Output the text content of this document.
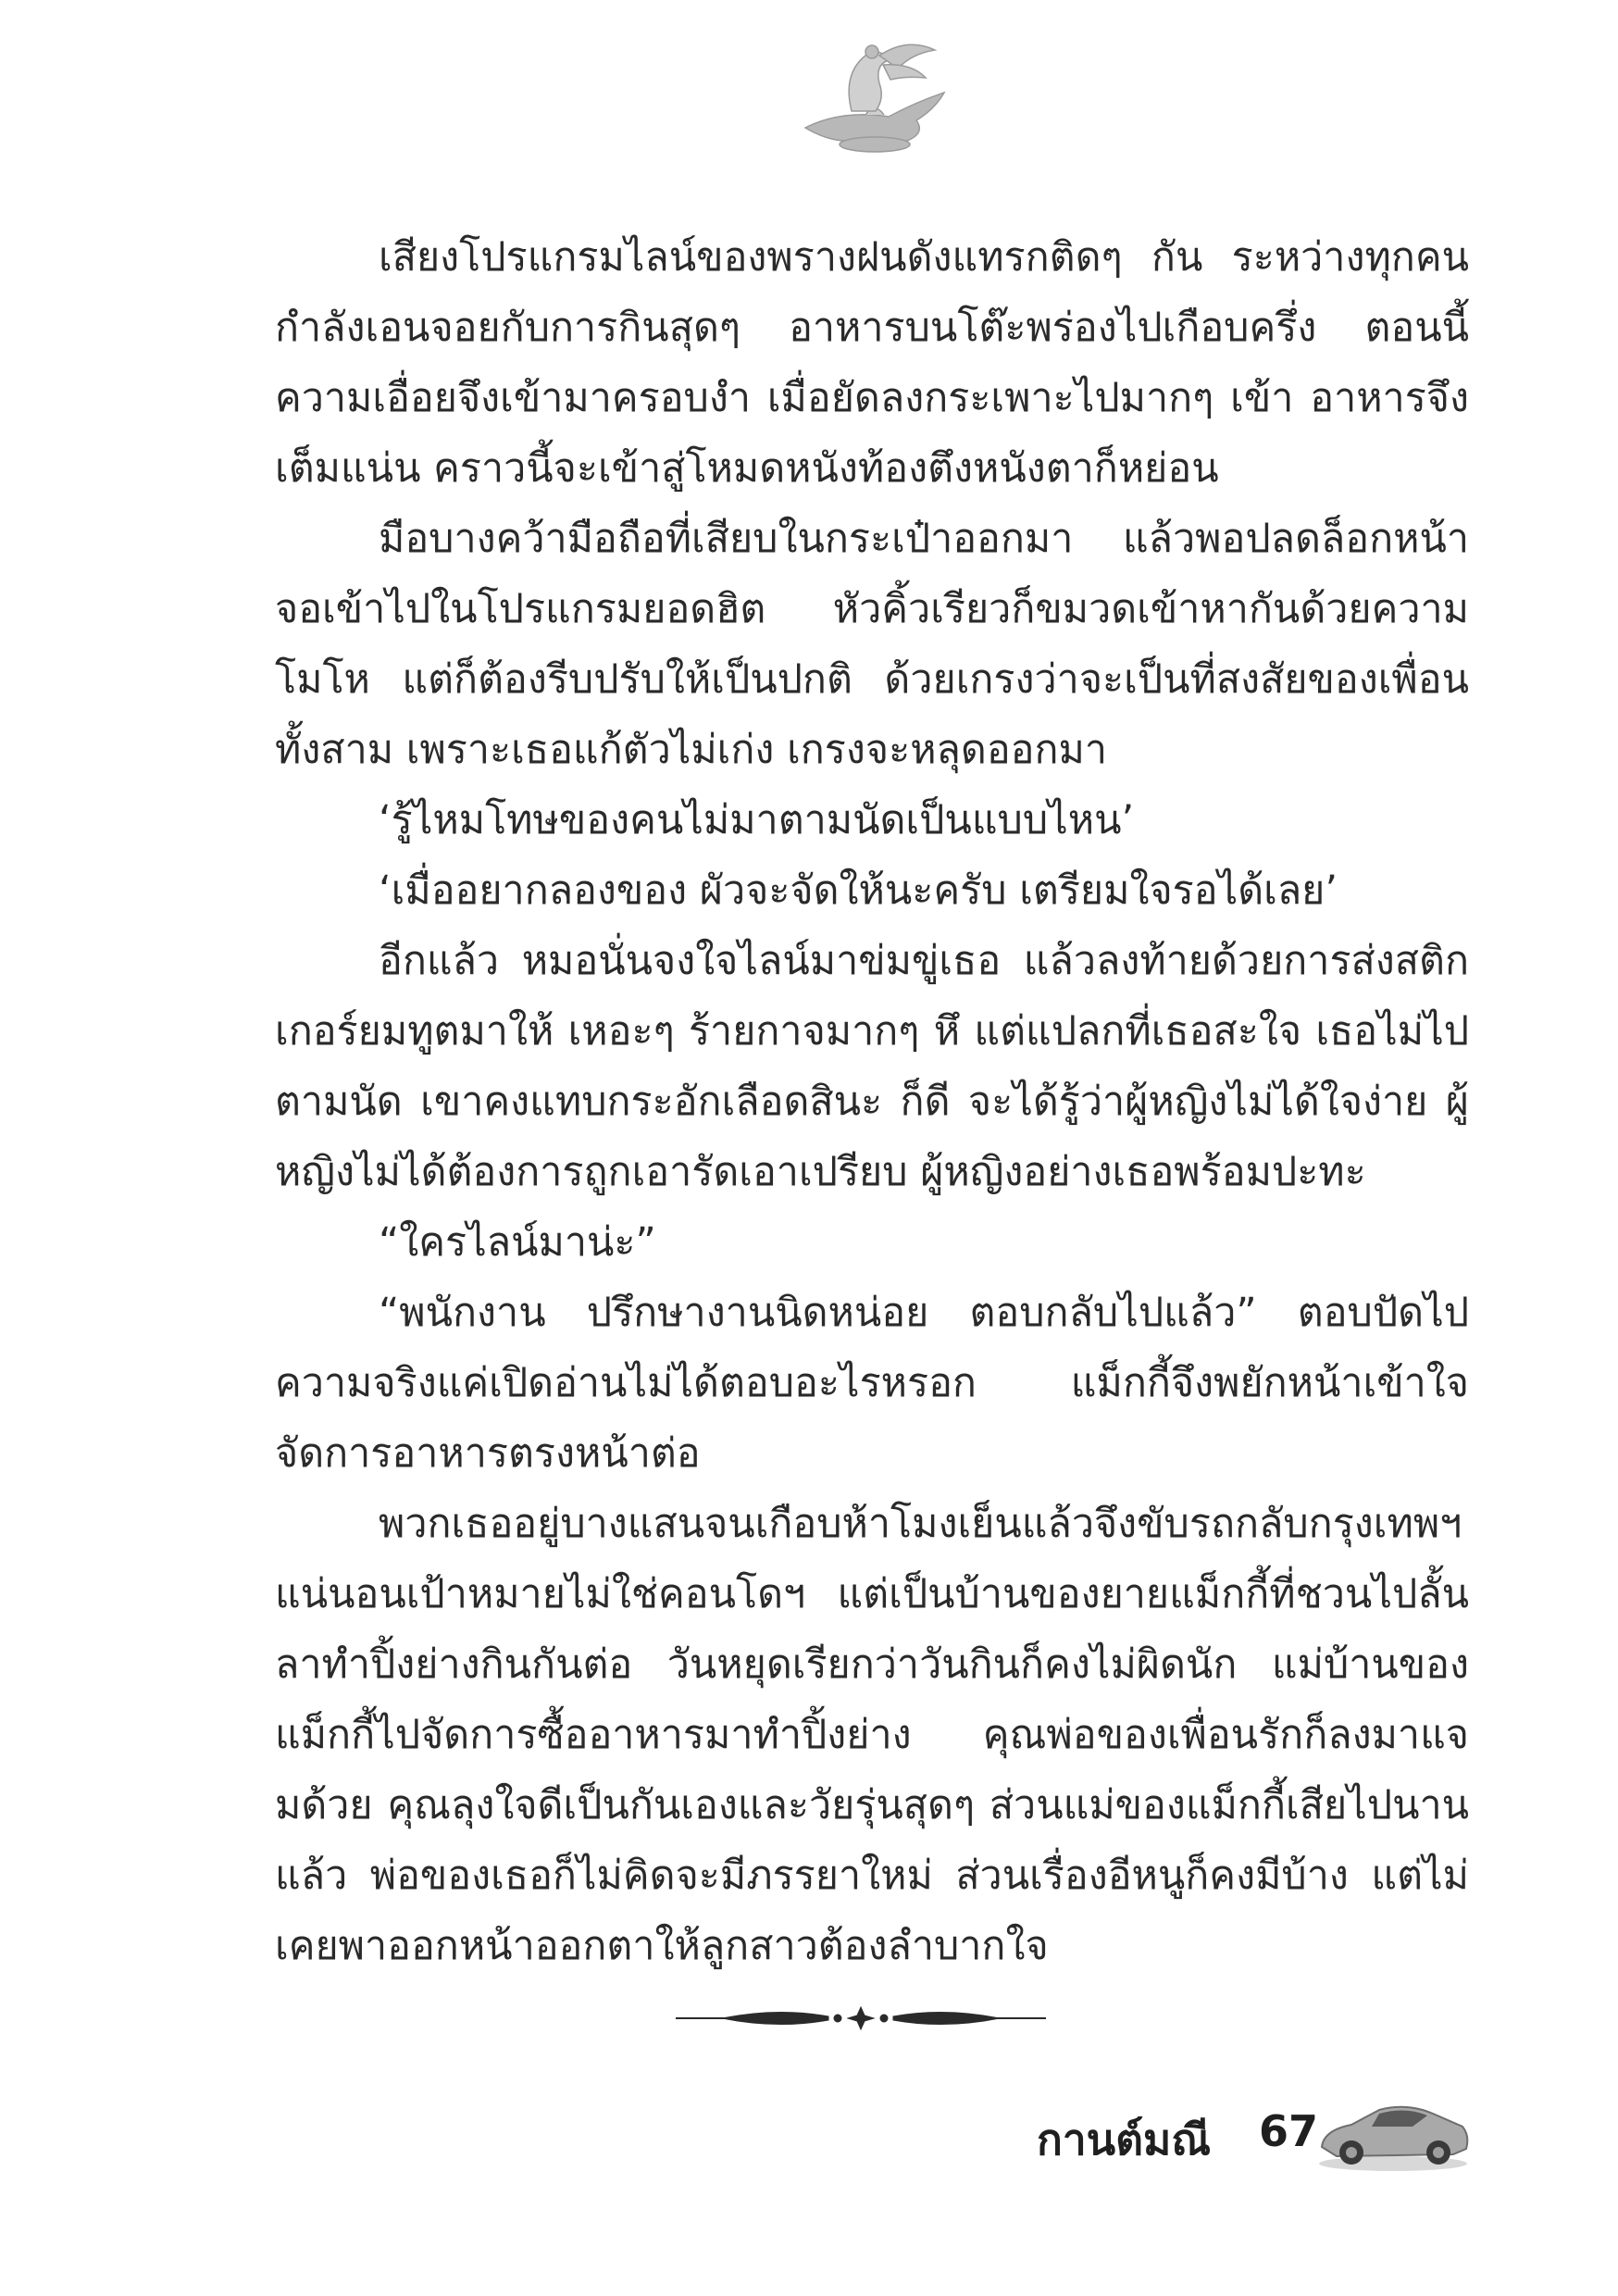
เสียงโปรแกรมไลน์ของพรางฝนดังแทรกติดๆ กัน ระหว่างทุกคนกำลังเอนจอยกับการกินสุดๆ อาหารบนโต๊ะพร่องไปเกือบครึ่ง ตอนนี้ความเอื่อยจึงเข้ามาครอบงำ เมื่อยัดลงกระเพาะไปมากๆ เข้า อาหารจึงเต็มแน่น คราวนี้จะเข้าสู่โหมดหนังท้องตึงหนังตาก็หย่อน

มือบางคว้ามือถือที่เสียบในกระเป๋าออกมา แล้วพอปลดล็อกหน้าจอเข้าไปในโปรแกรมยอดฮิต หัวคิ้วเรียวก็ขมวดเข้าหากันด้วยความโมโห แต่ก็ต้องรีบปรับให้เป็นปกติ ด้วยเกรงว่าจะเป็นที่สงสัยของเพื่อนทั้งสาม เพราะเธอแก้ตัวไม่เก่ง เกรงจะหลุดออกมา

‘รู้ไหมโทษของคนไม่มาตามนัดเป็นแบบไหน’

‘เมื่ออยากลองของ ผัวจะจัดให้นะครับ เตรียมใจรอได้เลย’

อีกแล้ว หมอนั่นจงใจไลน์มาข่มขู่เธอ แล้วลงท้ายด้วยการส่งสติกเกอร์ยมทูตมาให้ เหอะๆ ร้ายกาจมากๆ หึ แต่แปลกที่เธอสะใจ เธอไม่ไปตามนัด เขาคงแทบกระอักเลือดสินะ ก็ดี จะได้รู้ว่าผู้หญิงไม่ได้ใจง่าย ผู้หญิงไม่ได้ต้องการถูกเอารัดเอาเปรียบ ผู้หญิงอย่างเธอพร้อมปะทะ

“ใครไลน์มาน่ะ”

“พนักงาน ปรึกษางานนิดหน่อย ตอบกลับไปแล้ว” ตอบปัดไป ความจริงแค่เปิดอ่านไม่ได้ตอบอะไรหรอก แม็กกี้จึงพยักหน้าเข้าใจ จัดการอาหารตรงหน้าต่อ

พวกเธออยู่บางแสนจนเกือบห้าโมงเย็นแล้วจึงขับรถกลับกรุงเทพฯ แน่นอนเป้าหมายไม่ใช่คอนโดฯ แต่เป็นบ้านของยายแม็กกี้ที่ชวนไปลั้นลาทำปิ้งย่างกินกันต่อ วันหยุดเรียกว่าวันกินก็คงไม่ผิดนัก แม่บ้านของแม็กกี้ไปจัดการซื้ออาหารมาทำปิ้งย่าง คุณพ่อของเพื่อนรักก็ลงมาแจมด้วย คุณลุงใจดีเป็นกันเองและวัยรุ่นสุดๆ ส่วนแม่ของแม็กกี้เสียไปนานแล้ว พ่อของเธอก็ไม่คิดจะมีภรรยาใหม่ ส่วนเรื่องอีหนูก็คงมีบ้าง แต่ไม่เคยพาออกหน้าออกตาให้ลูกสาวต้องลำบากใจ

กานต์มณี 67
